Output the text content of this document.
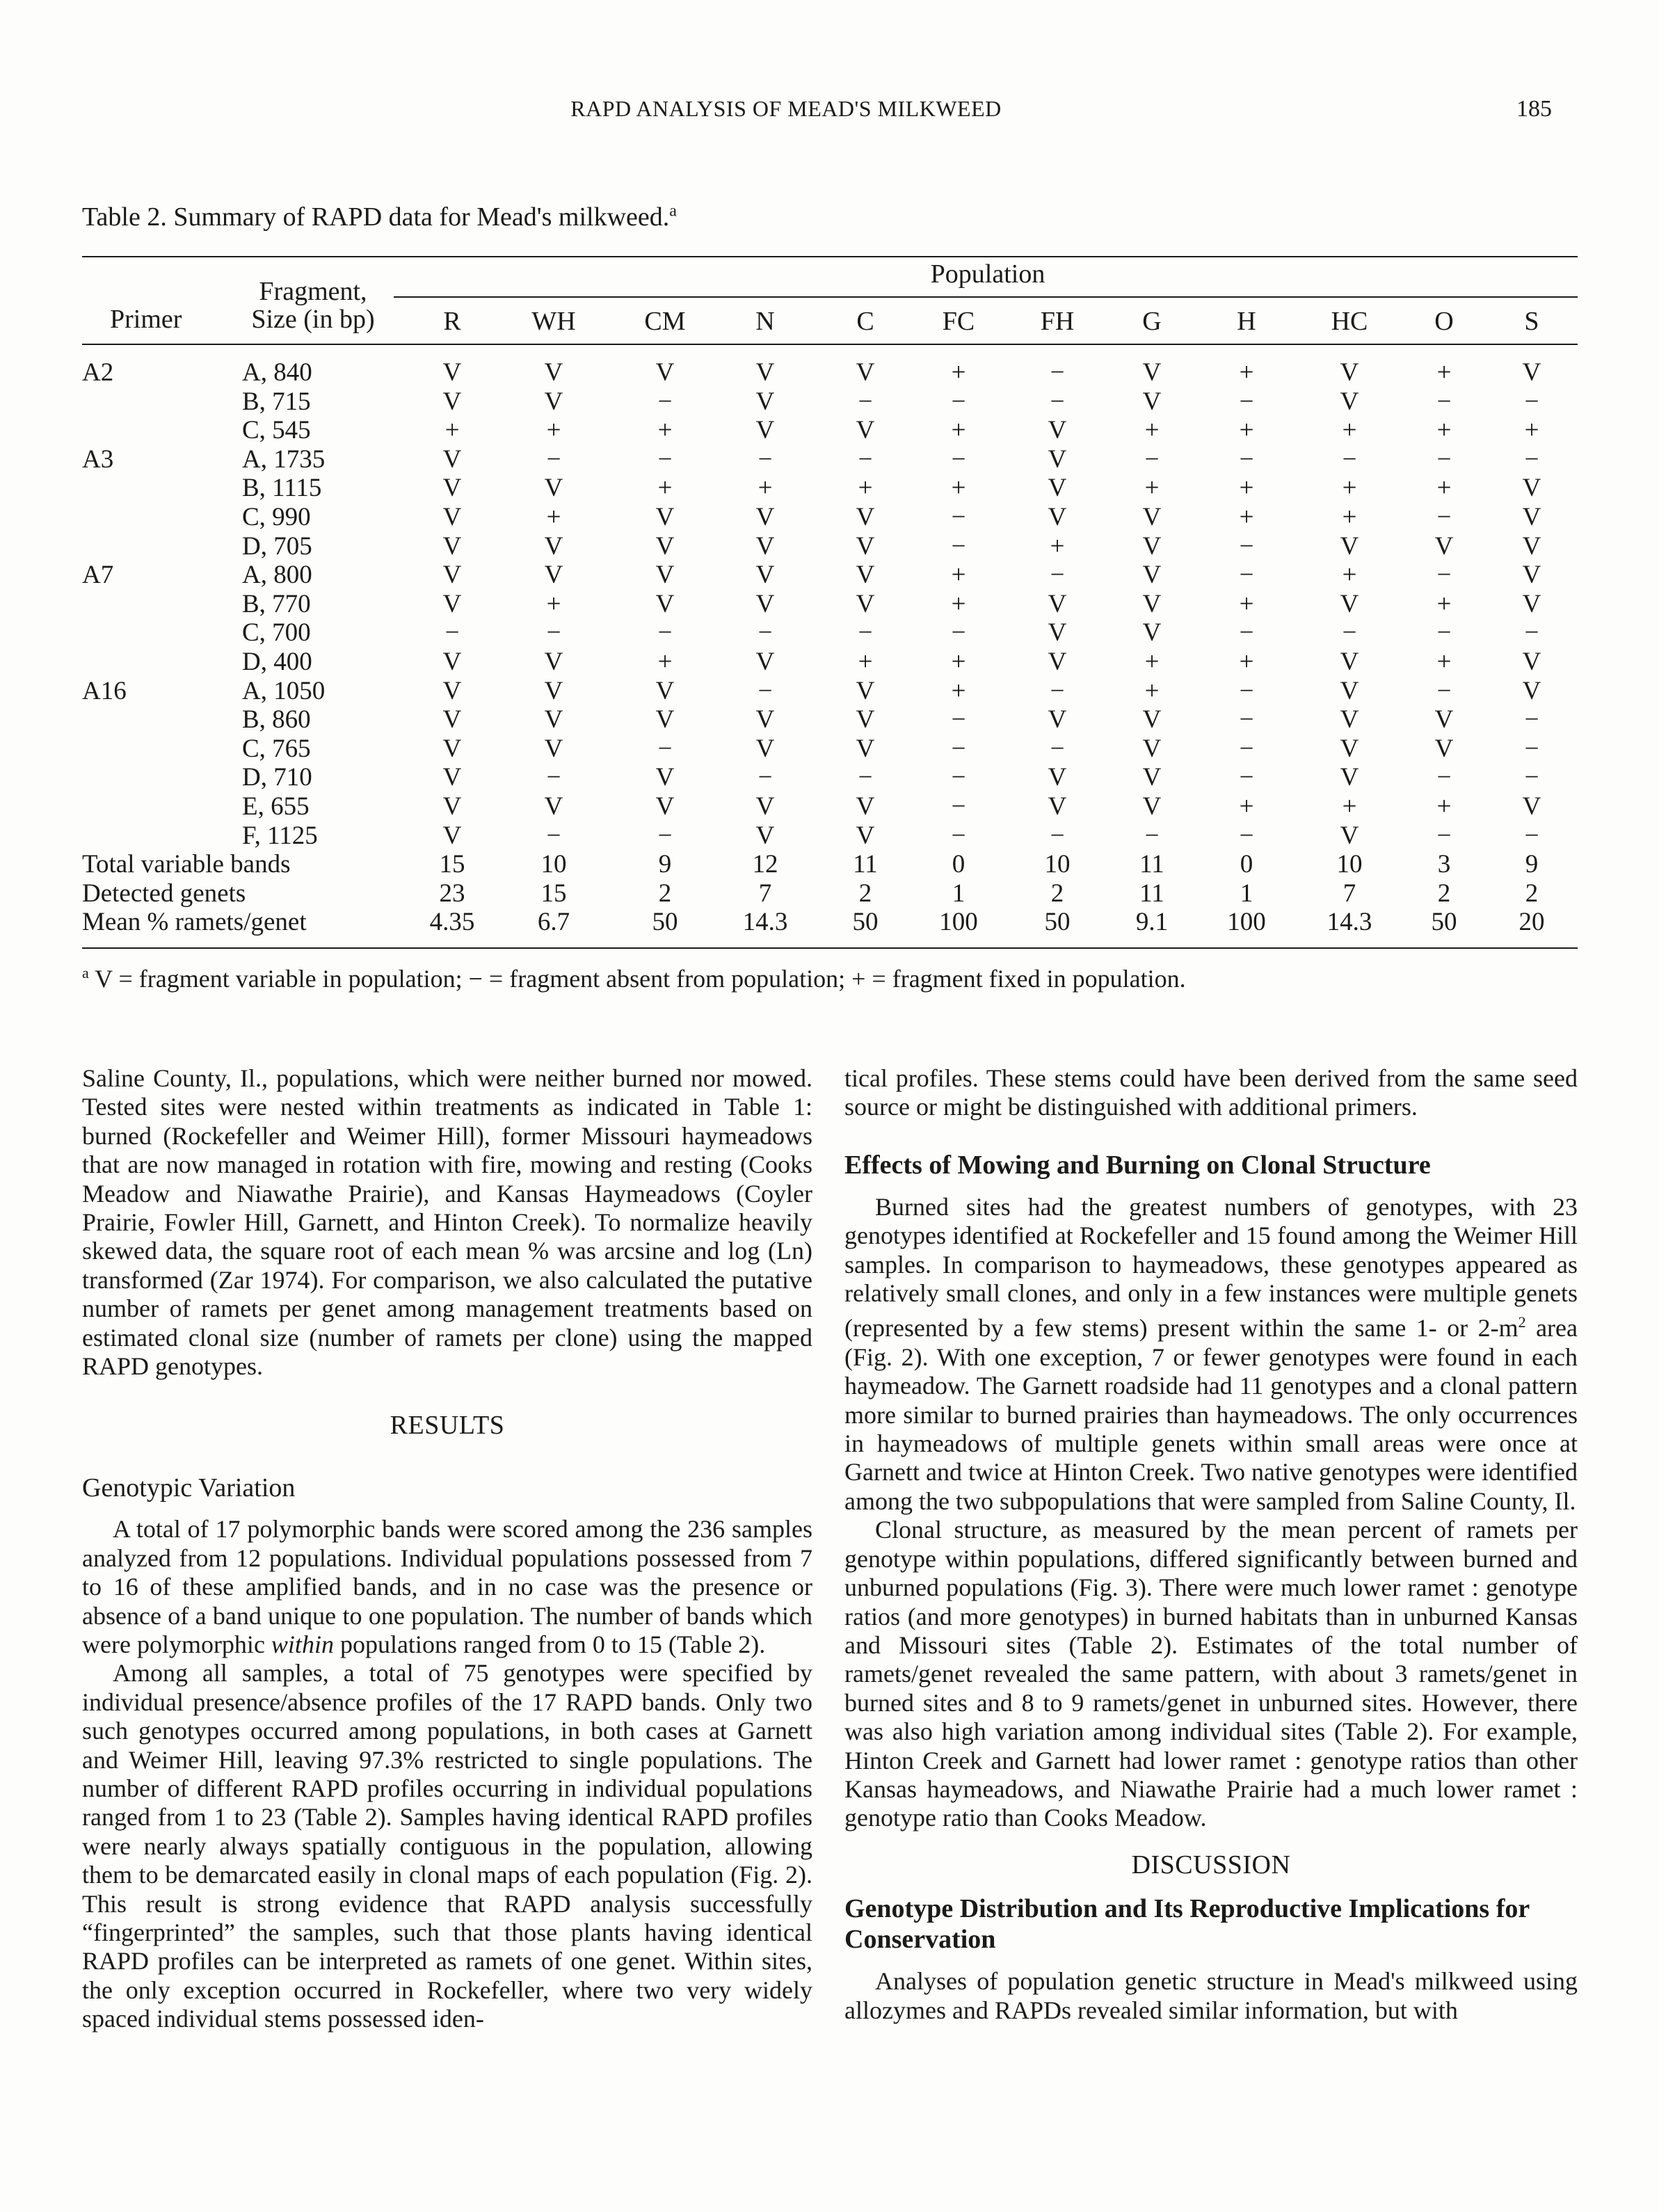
RAPD ANALYSIS OF MEAD'S MILKWEED	185
Table 2. Summary of RAPD data for Mead's milkweed.$^a$
Population
Fragment,
Size (in bp)
Primer	R	WH	CM	N	C	FC	FH	G	H	HC	O	S
A2	A, 840	V	V	V	V	V	+	−	V	+	V	+	V
B, 715	V	V	−	V	−	−	−	V	−	V	−	−
C, 545	+	+	+	V	V	+	V	+	+	+	+	+
A3	A, 1735	V	−	−	−	−	−	V	−	−	−	−	−
B, 1115	V	V	+	+	+	+	V	+	+	+	+	V
C, 990	V	+	V	V	V	−	V	V	+	+	−	V
D, 705	V	V	V	V	V	−	+	V	−	V	V	V
A7	A, 800	V	V	V	V	V	+	−	V	−	+	−	V
B, 770	V	+	V	V	V	+	V	V	+	V	+	V
C, 700	−	−	−	−	−	−	V	V	−	−	−	−
D, 400	V	V	+	V	+	+	V	+	+	V	+	V
A16	A, 1050	V	V	V	−	V	+	−	+	−	V	−	V
B, 860	V	V	V	V	V	−	V	V	−	V	V	−
C, 765	V	V	−	V	V	−	−	V	−	V	V	−
D, 710	V	−	V	−	−	−	V	V	−	V	−	−
E, 655	V	V	V	V	V	−	V	V	+	+	+	V
F, 1125	V	−	−	V	V	−	−	−	−	V	−	−
Total variable bands	15	10	9	12	11	0	10	11	0	10	3	9
Detected genets	23	15	2	7	2	1	2	11	1	7	2	2
Mean % ramets/genet	4.35	6.7	50	14.3	50	100	50	9.1	100	14.3	50	20
$^a$ V = fragment variable in population; − = fragment absent from population; + = fragment fixed in population.

Saline County, Il., populations, which were neither burned nor mowed. Tested sites were nested within treatments as indicated in Table 1: burned (Rockefeller and Weimer Hill), former Missouri haymeadows that are now managed in rotation with fire, mowing and resting (Cooks Meadow and Niawathe Prairie), and Kansas Haymeadows (Coyler Prairie, Fowler Hill, Garnett, and Hinton Creek). To normalize heavily skewed data, the square root of each mean % was arcsine and log (Ln) transformed (Zar 1974). For comparison, we also calculated the putative number of ramets per genet among management treatments based on estimated clonal size (number of ramets per clone) using the mapped RAPD genotypes.

RESULTS
Genotypic Variation

A total of 17 polymorphic bands were scored among the 236 samples analyzed from 12 populations. Individual populations possessed from 7 to 16 of these amplified bands, and in no case was the presence or absence of a band unique to one population. The number of bands which were polymorphic within populations ranged from 0 to 15 (Table 2).

Among all samples, a total of 75 genotypes were specified by individual presence/absence profiles of the 17 RAPD bands. Only two such genotypes occurred among populations, in both cases at Garnett and Weimer Hill, leaving 97.3% restricted to single populations. The number of different RAPD profiles occurring in individual populations ranged from 1 to 23 (Table 2). Samples having identical RAPD profiles were nearly always spatially contiguous in the population, allowing them to be demarcated easily in clonal maps of each population (Fig. 2). This result is strong evidence that RAPD analysis successfully “fingerprinted” the samples, such that those plants having identical RAPD profiles can be interpreted as ramets of one genet. Within sites, the only exception occurred in Rockefeller, where two very widely spaced individual stems possessed iden-

tical profiles. These stems could have been derived from the same seed source or might be distinguished with additional primers.

Effects of Mowing and Burning on Clonal Structure

Burned sites had the greatest numbers of genotypes, with 23 genotypes identified at Rockefeller and 15 found among the Weimer Hill samples. In comparison to haymeadows, these genotypes appeared as relatively small clones, and only in a few instances were multiple genets (represented by a few stems) present within the same 1- or $2-m^2$ area (Fig. 2). With one exception, 7 or fewer genotypes were found in each haymeadow. The Garnett roadside had 11 genotypes and a clonal pattern more similar to burned prairies than haymeadows. The only occurrences in haymeadows of multiple genets within small areas were once at Garnett and twice at Hinton Creek. Two native genotypes were identified among the two subpopulations that were sampled from Saline County, Il.

Clonal structure, as measured by the mean percent of ramets per genotype within populations, differed significantly between burned and unburned populations (Fig. 3). There were much lower ramet : genotype ratios (and more genotypes) in burned habitats than in unburned Kansas and Missouri sites (Table 2). Estimates of the total number of ramets/genet revealed the same pattern, with about 3 ramets/genet in burned sites and 8 to 9 ramets/genet in unburned sites. However, there was also high variation among individual sites (Table 2). For example, Hinton Creek and Garnett had lower ramet : genotype ratios than other Kansas haymeadows, and Niawathe Prairie had a much lower ramet : genotype ratio than Cooks Meadow.

DISCUSSION
Genotype Distribution and Its Reproductive Implications for Conservation

Analyses of population genetic structure in Mead's milkweed using allozymes and RAPDs revealed similar information, but with
